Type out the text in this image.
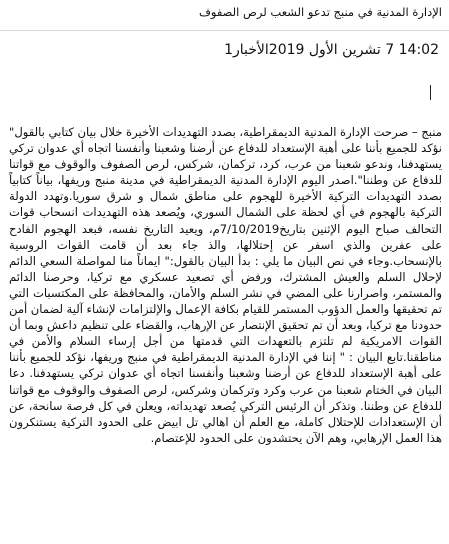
الإدارة المدنية في منبج تدعو الشعب لرص الصفوف
14:02 7 تشرين الأول 2019الأخبار1

منبج – صرحت الإدارة المدنية الديمقراطية، بصدد التهديدات الأخيرة خلال بيان كتابي بالقول" نؤكد للجميع بأننا على أهبة الإستعداد للدفاع عن أرضنا وشعبنا وأنفسنا اتجاه أي عدوان تركي يستهدفنا، وندعو شعبنا من عرب، كرد، تركمان، شركس، لرص الصفوف والوقوف مع قواتنا للدفاع عن وطننا".اصدر اليوم الإدارة المدنية الديمقراطية في مدينة منبج وريفها، بياناً كتابياً بصدد التهديدات التركية الأخيرة للهجوم على مناطق شمال و شرق سوريا.وتهدد الدولة التركية بالهجوم في أي لحظة على الشمال السوري، ويُصعد هذه التهديدات انسحاب قوات التحالف صباح اليوم الإثنين بتاريخ7/10/2019م، ويعيد التاريخ نفسه، فبعد الهجوم الفادح على عفرين والذي اسفر عن إحتلالها، والذ جاء بعد أن قامت القوات الروسية بالإنسحاب.وجاء في نص البيان ما يلي : بدأ البيان بالقول:" ايماناً منا لمواصلة السعي الدائم لإحلال السلم والعيش المشترك، ورفض أي تصعيد عسكري مع تركيا، وحرصنا الدائم والمستمر، واصرارنا على المضي في نشر السلم والأمان، والمحافظة على المكتسبات التي تم تحقيقها والعمل الدؤوب المستمر للقيام بكافة الإعمال والإلتزامات لإنشاء آلية لضمان أمن حدودنا مع تركيا، وبعد أن تم تحقيق الإنتصار عن الإرهاب، والقضاء على تنظيم داعش وبما أن القوات الامريكية لم تلتزم بالتعهدات التي قدمتها من أجل إرساء السلام والأمن في مناطقنا.تابع البيان : " إننا في الإدارة المدنية الديمقراطية في منبج وريفها، نؤكد للجميع بأننا على أهبة الإستعداد للدفاع عن أرضنا وشعبنا وأنفسنا اتجاه أي عدوان تركي يستهدفنا. دعا البيان في الختام شعبنا من عرب وكرد وتركمان وشركس، لرص الصفوف والوقوف مع قواتنا للدفاع عن وطننا. وتذكر أن الرئيس التركي يُصعد تهديداته، ويعلن في كل فرصة سانحة، عن أن الإستعدادات للإحتلال كاملة، مع العلم أن اهالي تل ابيض على الحدود التركية يستنكرون هذا العمل الإرهابي، وهم الآن يحتشدون على الحدود للإعتصام.
